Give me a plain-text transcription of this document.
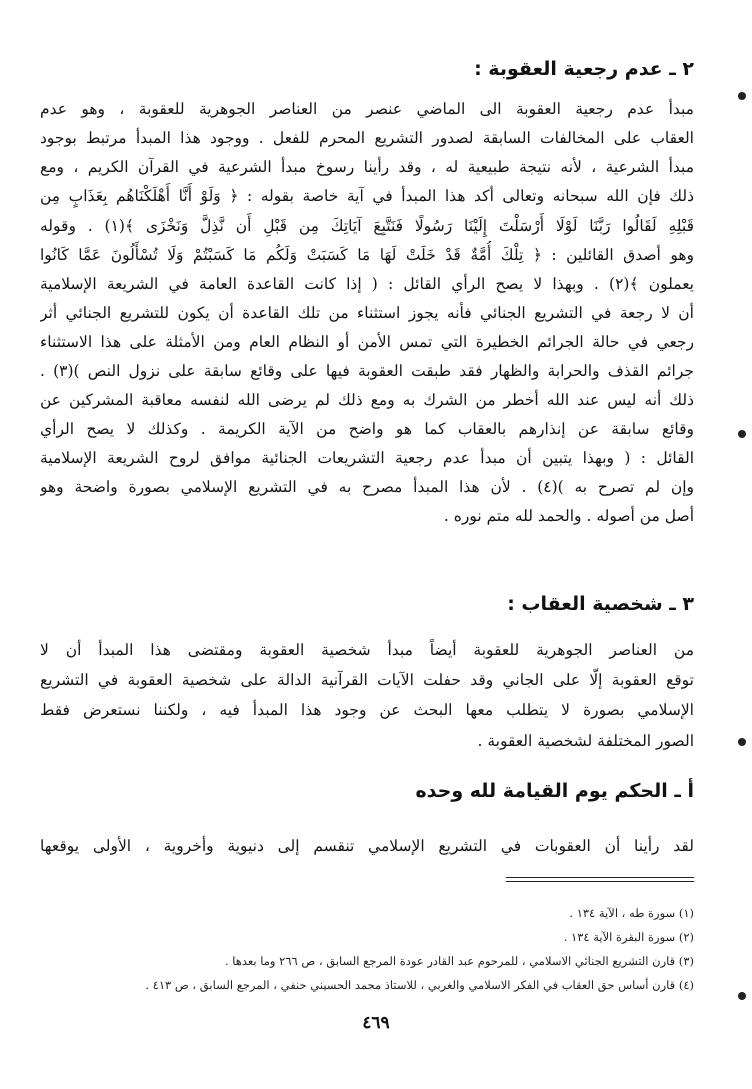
٢ ـ عدم رجعية العقوبة :
مبدأ عدم رجعية العقوبة الى الماضي عنصر من العناصر الجوهرية للعقوبة ، وهو عدم
العقاب على المخالفات السابقة لصدور التشريع المحرم للفعل . ووجود هذا المبدأ مرتبط بوجود
مبدأ الشرعية ، لأنه نتيجة طبيعية له ، وقد رأينا رسوخ مبدأ الشرعية في القرآن الكريم ، ومع
ذلك فإن الله سبحانه وتعالى أكد هذا المبدأ في آية خاصة بقوله : ﴿ وَلَوْ أَنَّا أَهْلَكْنَاهُم بِعَذَابٍ مِن
قَبْلِهِ لَقَالُوا رَبَّنَا لَوْلَا أَرْسَلْتَ إِلَيْنَا رَسُولًا فَنَتَّبِعَ آيَاتِكَ مِن قَبْلِ أَن نَّذِلَّ وَنَخْزَى ﴾(١) . وقوله
وهو أصدق القائلين : ﴿ تِلْكَ أُمَّةٌ قَدْ خَلَتْ لَهَا مَا كَسَبَتْ وَلَكُم مَا كَسَبْتُمْ وَلَا تُسْأَلُونَ عَمَّا كَانُوا
يعملون ﴾(٢) . وبهذا لا يصح الرأي القائل : ( إذا كانت القاعدة العامة في الشريعة الإسلامية
أن لا رجعة في التشريع الجنائي فأنه يجوز استثناء من تلك القاعدة أن يكون للتشريع الجنائي أثر
رجعي في حالة الجرائم الخطيرة التي تمس الأمن أو النظام العام ومن الأمثلة على هذا الاستثناء
جرائم القذف والحرابة والظهار فقد طبقت العقوبة فيها على وقائع سابقة على نزول النص )(٣) .
ذلك أنه ليس عند الله أخطر من الشرك به ومع ذلك لم يرضى الله لنفسه معاقبة المشركين عن
وقائع سابقة عن إنذارهم بالعقاب كما هو واضح من الآية الكريمة . وكذلك لا يصح الرأي
القائل : ( وبهذا يتبين أن مبدأ عدم رجعية التشريعات الجنائية موافق لروح الشريعة الإسلامية
وإن لم تصرح به )(٤) . لأن هذا المبدأ مصرح به في التشريع الإسلامي بصورة واضحة وهو
أصل من أصوله . والحمد لله متم نوره .
٣ ـ شخصية العقاب :
من العناصر الجوهرية للعقوبة أيضاً مبدأ شخصية العقوبة ومقتضى هذا المبدأ أن لا
توقع العقوبة إلّا على الجاني وقد حفلت الآيات القرآنية الدالة على شخصية العقوبة في التشريع
الإسلامي بصورة لا يتطلب معها البحث عن وجود هذا المبدأ فيه ، ولكننا نستعرض فقط
الصور المختلفة لشخصية العقوبة .
أ ـ الحكم يوم القيامة لله وحده
لقد رأينا أن العقوبات في التشريع الإسلامي تنقسم إلى دنيوية وأخروية ، الأولى يوقعها
(١) سورة طه ، الآية ١٣٤ .
(٢) سورة البقرة الآية ١٣٤ .
(٣) قارن التشريع الجنائي الاسلامي ، للمرحوم عبد القادر عودة المرجع السابق ، ص ٢٦٦ وما بعدها .
(٤) قارن أساس حق العقاب في الفكر الاسلامي والغربي ، للاستاذ محمد الحسيني حنفي ، المرجع السابق ، ص ٤١٣ .
٤٦٩
